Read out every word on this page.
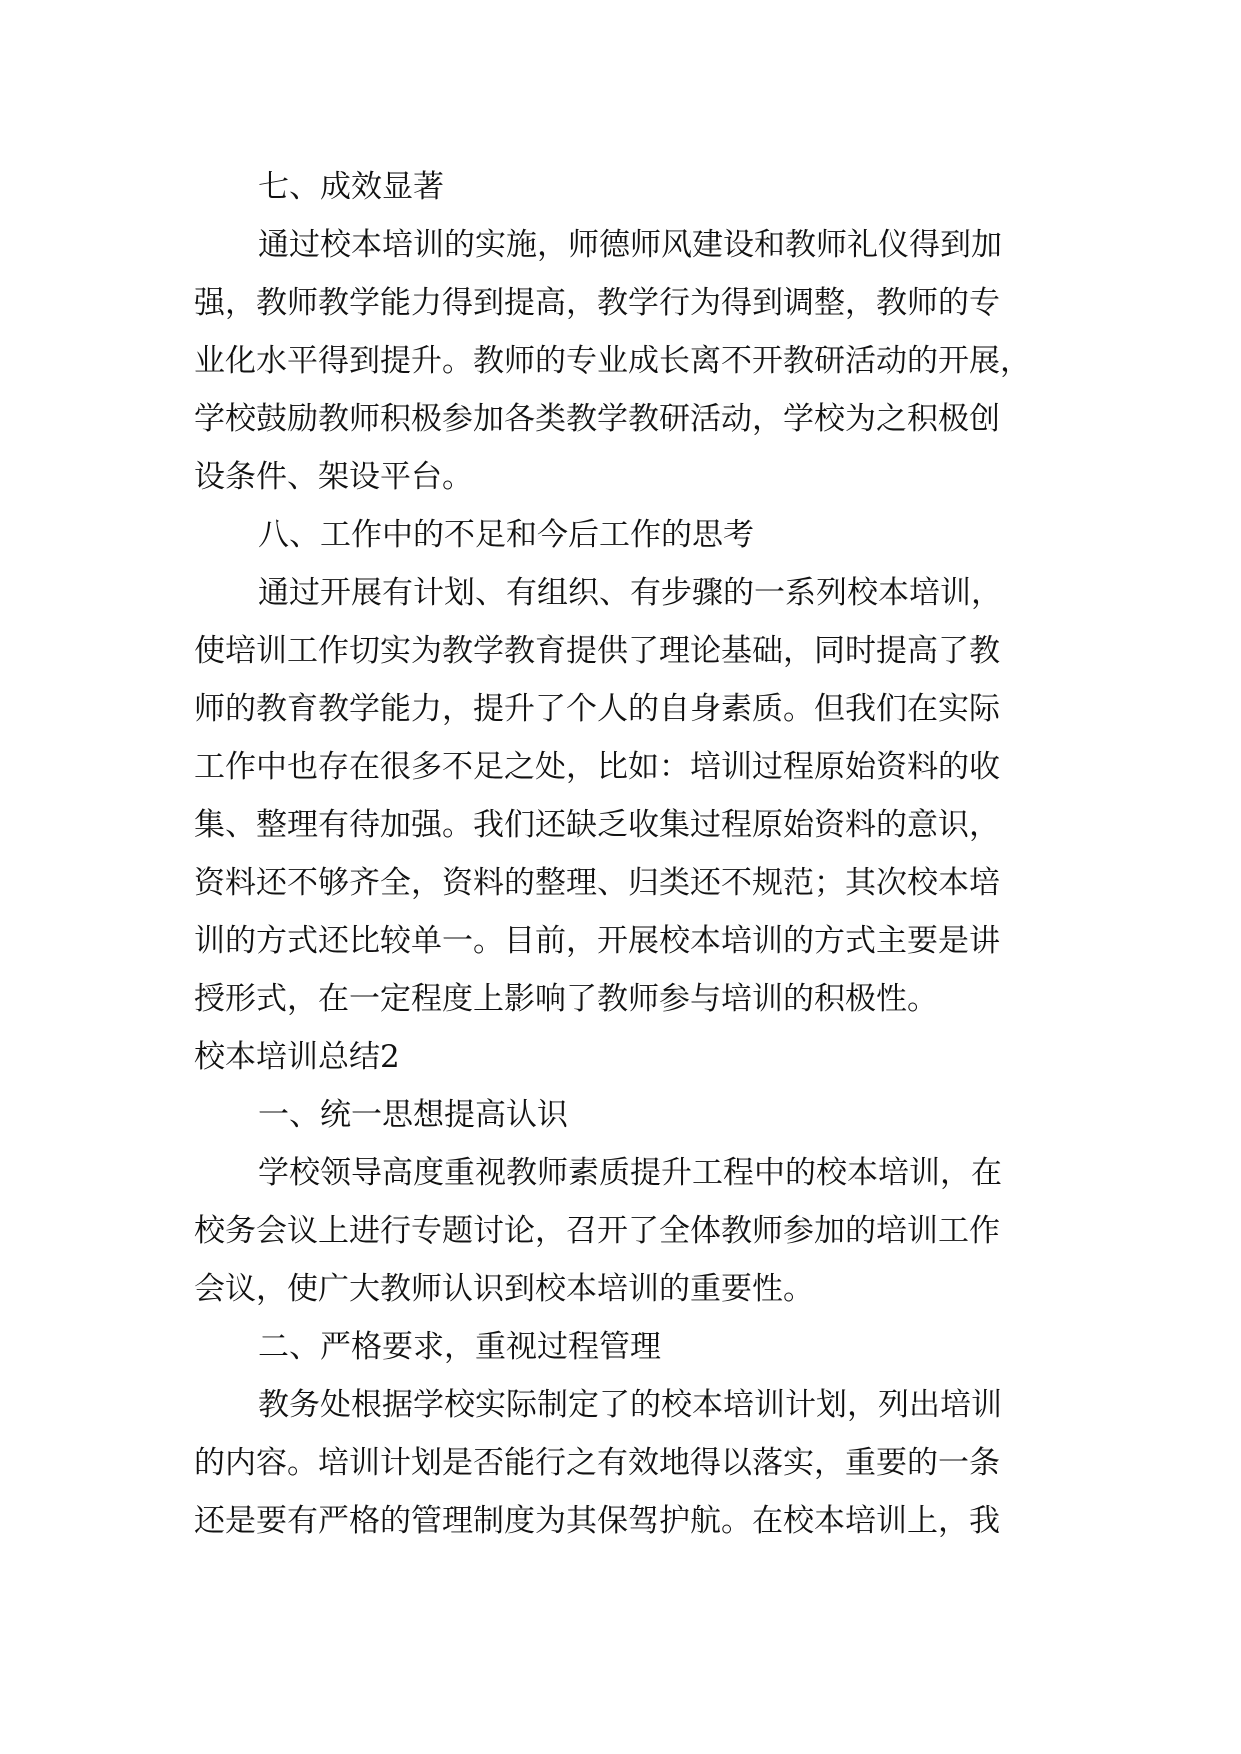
七、成效显著
通过校本培训的实施，师德师风建设和教师礼仪得到加
强，教师教学能力得到提高，教学行为得到调整，教师的专
业化水平得到提升。教师的专业成长离不开教研活动的开展，
学校鼓励教师积极参加各类教学教研活动，学校为之积极创
设条件、架设平台。
八、工作中的不足和今后工作的思考
通过开展有计划、有组织、有步骤的一系列校本培训，
使培训工作切实为教学教育提供了理论基础，同时提高了教
师的教育教学能力，提升了个人的自身素质。但我们在实际
工作中也存在很多不足之处，比如：培训过程原始资料的收
集、整理有待加强。我们还缺乏收集过程原始资料的意识，
资料还不够齐全，资料的整理、归类还不规范；其次校本培
训的方式还比较单一。目前，开展校本培训的方式主要是讲
授形式，在一定程度上影响了教师参与培训的积极性。
校本培训总结2
一、统一思想提高认识
学校领导高度重视教师素质提升工程中的校本培训，在
校务会议上进行专题讨论，召开了全体教师参加的培训工作
会议，使广大教师认识到校本培训的重要性。
二、严格要求，重视过程管理
教务处根据学校实际制定了的校本培训计划，列出培训
的内容。培训计划是否能行之有效地得以落实，重要的一条
还是要有严格的管理制度为其保驾护航。在校本培训上，我
